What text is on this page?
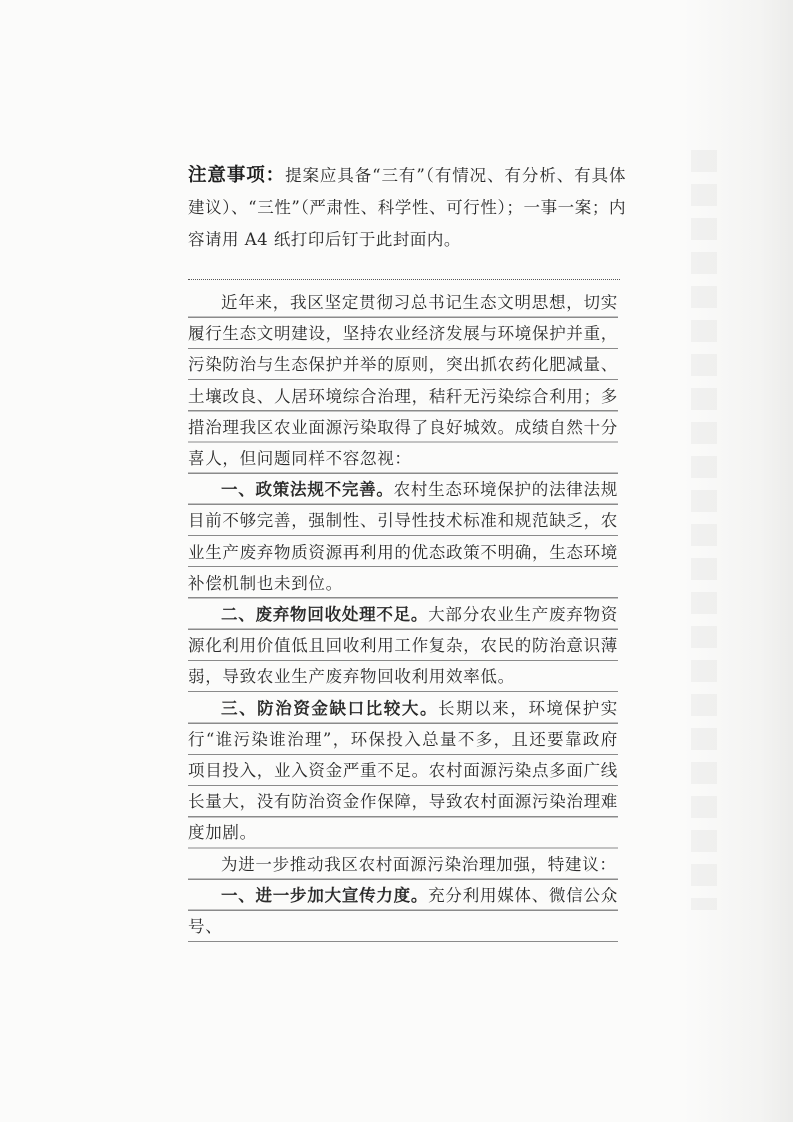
注意事项：提案应具备“三有”（有情况、有分析、有具体建议）、“三性”（严肃性、科学性、可行性）；一事一案；内容请用 A4 纸打印后钉于此封面内。

近年来，我区坚定贯彻习总书记生态文明思想，切实履行生态文明建设，坚持农业经济发展与环境保护并重，污染防治与生态保护并举的原则，突出抓农药化肥减量、土壤改良、人居环境综合治理，秸秆无污染综合利用；多措治理我区农业面源污染取得了良好城效。成绩自然十分喜人，但问题同样不容忽视：

一、政策法规不完善。农村生态环境保护的法律法规目前不够完善，强制性、引导性技术标准和规范缺乏，农业生产废弃物质资源再利用的优态政策不明确，生态环境补偿机制也未到位。

二、废弃物回收处理不足。大部分农业生产废弃物资源化利用价值低且回收利用工作复杂，农民的防治意识薄弱，导致农业生产废弃物回收利用效率低。

三、防治资金缺口比较大。长期以来，环境保护实行“谁污染谁治理”，环保投入总量不多，且还要靠政府项目投入，业入资金严重不足。农村面源污染点多面广线长量大，没有防治资金作保障，导致农村面源污染治理难度加剧。

为进一步推动我区农村面源污染治理加强，特建议：

一、进一步加大宣传力度。充分利用媒体、微信公众号、
